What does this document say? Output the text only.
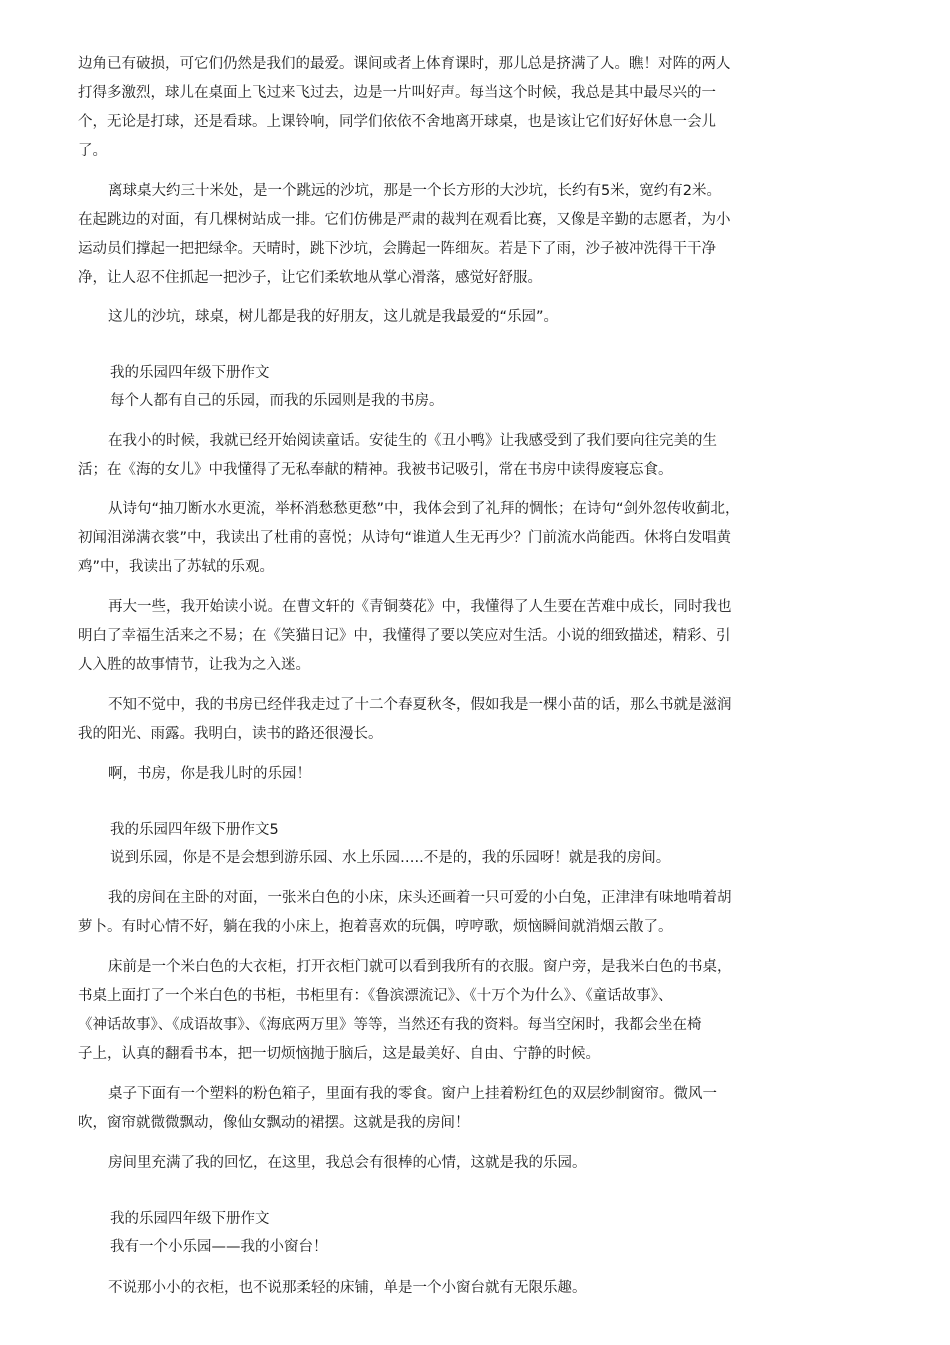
边角已有破损，可它们仍然是我们的最爱。课间或者上体育课时，那儿总是挤满了人。瞧！对阵的两人
打得多激烈，球儿在桌面上飞过来飞过去，边是一片叫好声。每当这个时候，我总是其中最尽兴的一
个，无论是打球，还是看球。上课铃响，同学们依依不舍地离开球桌，也是该让它们好好休息一会儿
了。
离球桌大约三十米处，是一个跳远的沙坑，那是一个长方形的大沙坑，长约有5米，宽约有2米。
在起跳边的对面，有几棵树站成一排。它们仿佛是严肃的裁判在观看比赛，又像是辛勤的志愿者，为小
运动员们撑起一把把绿伞。天晴时，跳下沙坑，会腾起一阵细灰。若是下了雨，沙子被冲洗得干干净
净，让人忍不住抓起一把沙子，让它们柔软地从掌心滑落，感觉好舒服。
这儿的沙坑，球桌，树儿都是我的好朋友，这儿就是我最爱的“乐园”。
我的乐园四年级下册作文
每个人都有自己的乐园，而我的乐园则是我的书房。
在我小的时候，我就已经开始阅读童话。安徒生的《丑小鸭》让我感受到了我们要向往完美的生
活；在《海的女儿》中我懂得了无私奉献的精神。我被书记吸引，常在书房中读得废寝忘食。
从诗句“抽刀断水水更流，举杯消愁愁更愁”中，我体会到了礼拜的惆怅；在诗句“剑外忽传收蓟北，
初闻泪涕满衣裳”中，我读出了杜甫的喜悦；从诗句“谁道人生无再少？门前流水尚能西。休将白发唱黄
鸡”中，我读出了苏轼的乐观。
再大一些，我开始读小说。在曹文轩的《青铜葵花》中，我懂得了人生要在苦难中成长，同时我也
明白了幸福生活来之不易；在《笑猫日记》中，我懂得了要以笑应对生活。小说的细致描述，精彩、引
人入胜的故事情节，让我为之入迷。
不知不觉中，我的书房已经伴我走过了十二个春夏秋冬，假如我是一棵小苗的话，那么书就是滋润
我的阳光、雨露。我明白，读书的路还很漫长。
啊，书房，你是我儿时的乐园！
我的乐园四年级下册作文5
说到乐园，你是不是会想到游乐园、水上乐园…..不是的，我的乐园呀！就是我的房间。
我的房间在主卧的对面，一张米白色的小床，床头还画着一只可爱的小白兔，正津津有味地啃着胡
萝卜。有时心情不好，躺在我的小床上，抱着喜欢的玩偶，哼哼歌，烦恼瞬间就消烟云散了。
床前是一个米白色的大衣柜，打开衣柜门就可以看到我所有的衣服。窗户旁，是我米白色的书桌，
书桌上面打了一个米白色的书柜，书柜里有：《鲁滨漂流记》、《十万个为什么》、《童话故事》、
《神话故事》、《成语故事》、《海底两万里》等等，当然还有我的资料。每当空闲时，我都会坐在椅
子上，认真的翻看书本，把一切烦恼抛于脑后，这是最美好、自由、宁静的时候。
桌子下面有一个塑料的粉色箱子，里面有我的零食。窗户上挂着粉红色的双层纱制窗帘。微风一
吹，窗帘就微微飘动，像仙女飘动的裙摆。这就是我的房间！
房间里充满了我的回忆，在这里，我总会有很棒的心情，这就是我的乐园。
我的乐园四年级下册作文
我有一个小乐园——我的小窗台！
不说那小小的衣柜，也不说那柔轻的床铺，单是一个小窗台就有无限乐趣。
